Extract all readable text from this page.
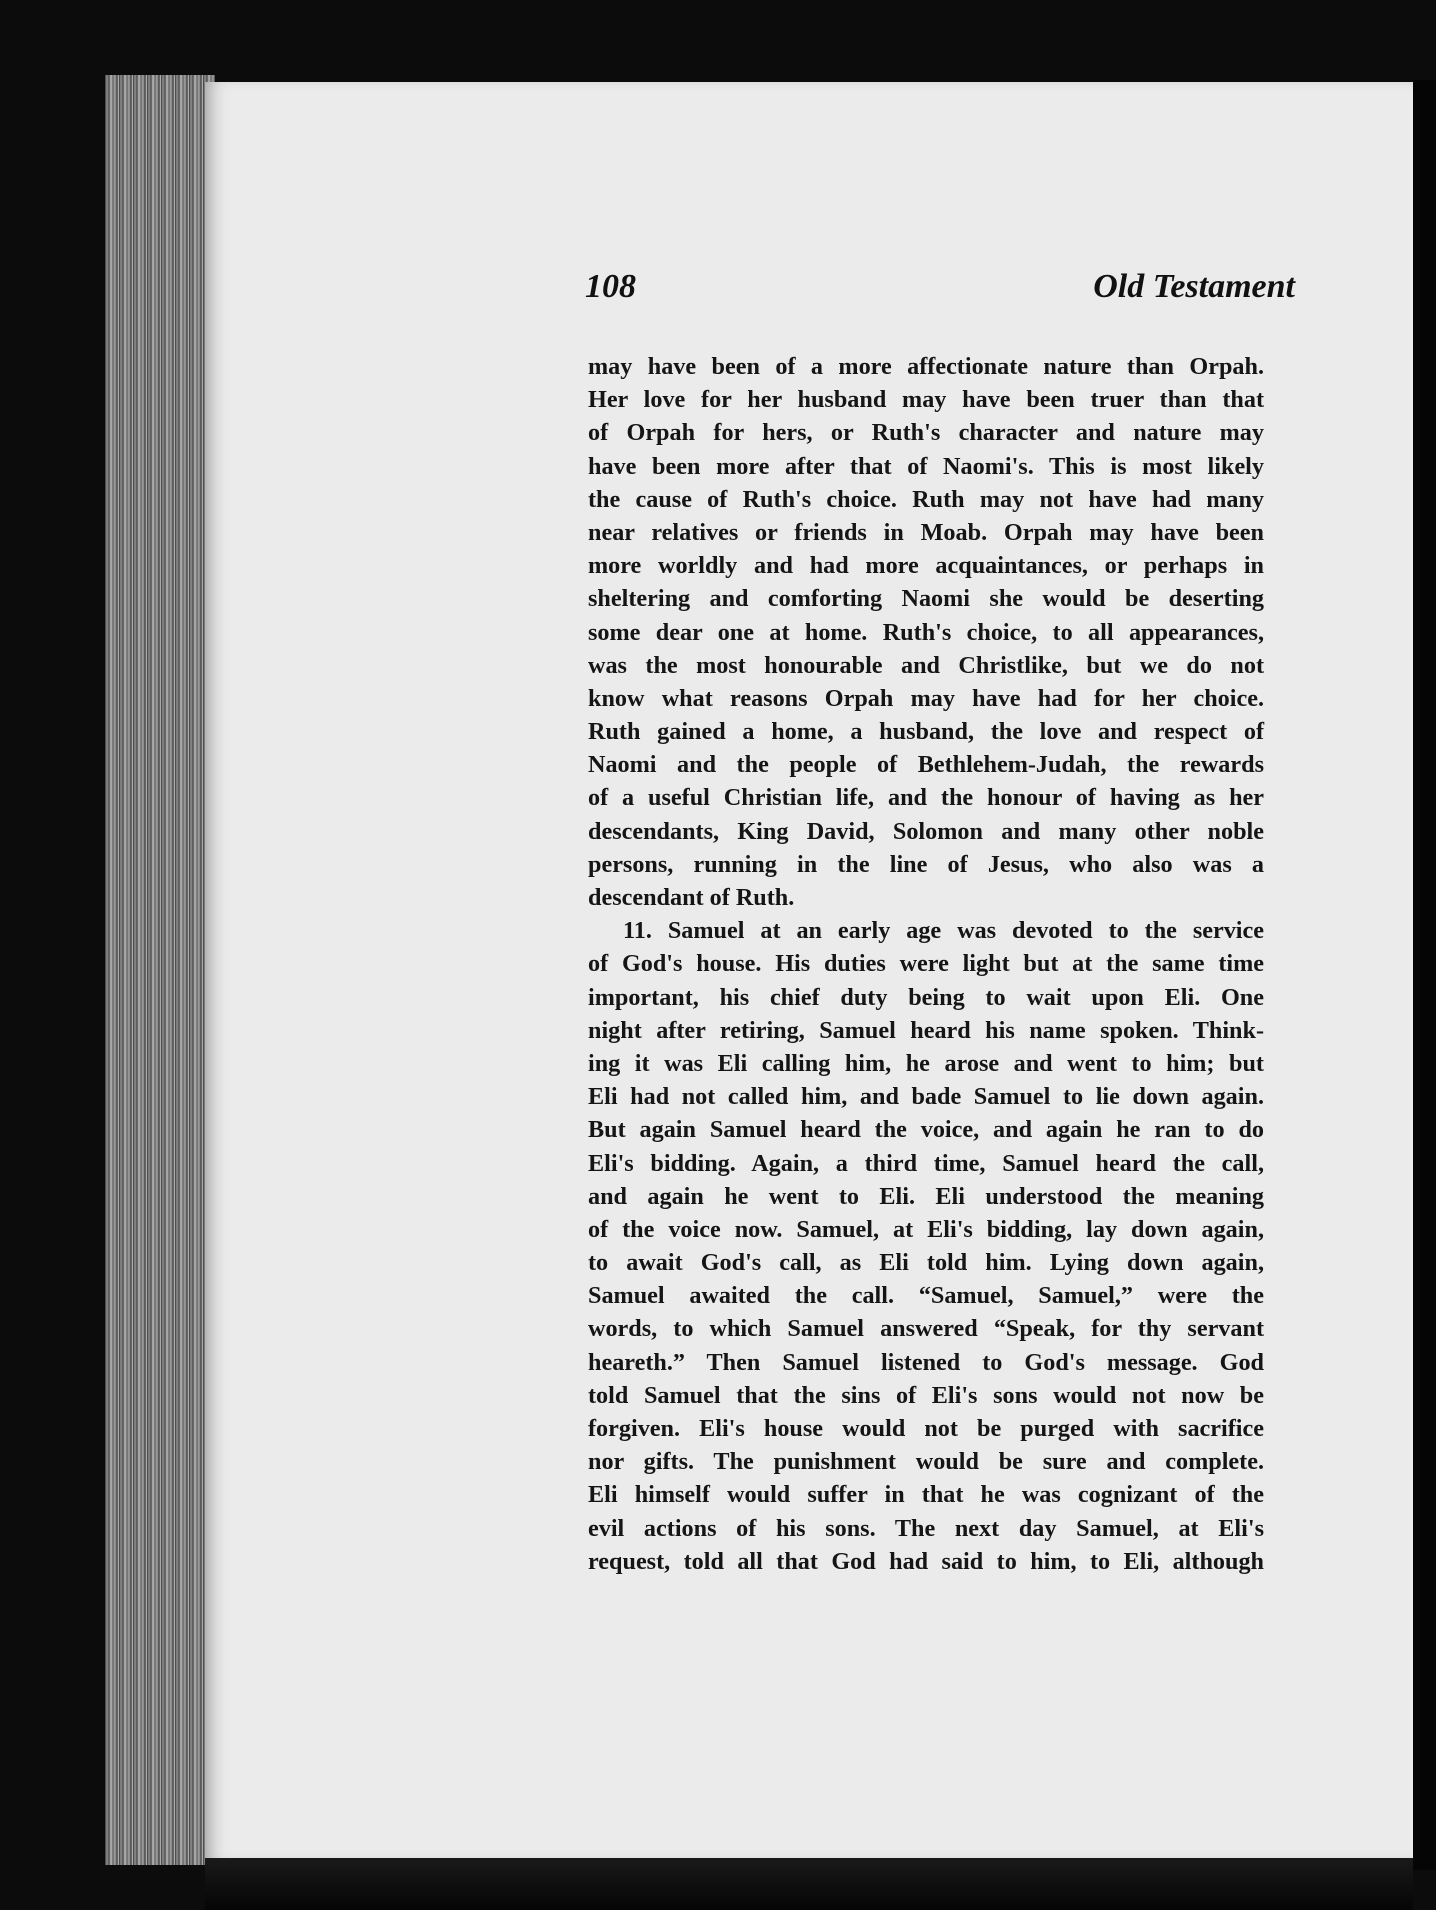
108	Old Testament
may have been of a more affectionate nature than Orpah.
Her love for her husband may have been truer than that
of Orpah for hers, or Ruth's character and nature may
have been more after that of Naomi's. This is most likely
the cause of Ruth's choice. Ruth may not have had many
near relatives or friends in Moab. Orpah may have been
more worldly and had more acquaintances, or perhaps in
sheltering and comforting Naomi she would be deserting
some dear one at home. Ruth's choice, to all appearances,
was the most honourable and Christlike, but we do not
know what reasons Orpah may have had for her choice.
Ruth gained a home, a husband, the love and respect of
Naomi and the people of Bethlehem-Judah, the rewards
of a useful Christian life, and the honour of having as her
descendants, King David, Solomon and many other noble
persons, running in the line of Jesus, who also was a
descendant of Ruth.
11. Samuel at an early age was devoted to the service
of God's house. His duties were light but at the same time
important, his chief duty being to wait upon Eli. One
night after retiring, Samuel heard his name spoken. Think-
ing it was Eli calling him, he arose and went to him; but
Eli had not called him, and bade Samuel to lie down again.
But again Samuel heard the voice, and again he ran to do
Eli's bidding. Again, a third time, Samuel heard the call,
and again he went to Eli. Eli understood the meaning
of the voice now. Samuel, at Eli's bidding, lay down again,
to await God's call, as Eli told him. Lying down again,
Samuel awaited the call. “Samuel, Samuel,” were the
words, to which Samuel answered “Speak, for thy servant
heareth.” Then Samuel listened to God's message. God
told Samuel that the sins of Eli's sons would not now be
forgiven. Eli's house would not be purged with sacrifice
nor gifts. The punishment would be sure and complete.
Eli himself would suffer in that he was cognizant of the
evil actions of his sons. The next day Samuel, at Eli's
request, told all that God had said to him, to Eli, although
